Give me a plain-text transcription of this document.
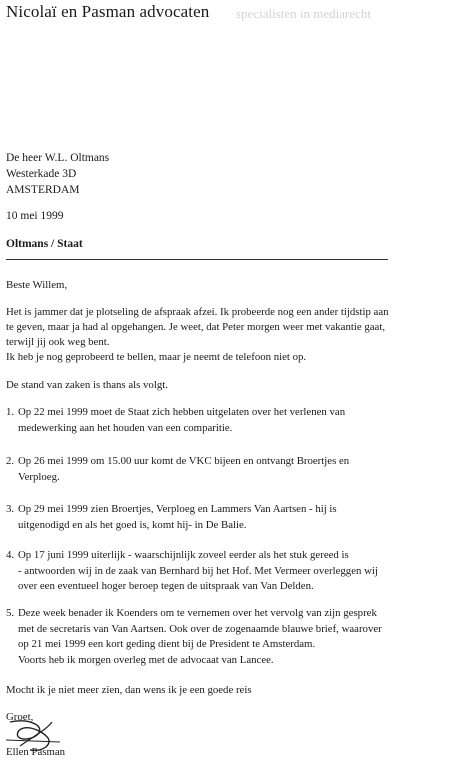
Nicolaï en Pasman advocaten specialisten in mediarecht
De heer W.L. Oltmans
Westerkade 3D
AMSTERDAM
10 mei 1999
Oltmans / Staat
Beste Willem,
Het is jammer dat je plotseling de afspraak afzei. Ik probeerde nog een ander tijdstip aan
te geven, maar ja had al opgehangen. Je weet, dat Peter morgen weer met vakantie gaat,
terwijl jij ook weg bent.
Ik heb je nog geprobeerd te bellen, maar je neemt de telefoon niet op.
De stand van zaken is thans als volgt.
1. Op 22 mei 1999 moet de Staat zich hebben uitgelaten over het verlenen van
medewerking aan het houden van een comparitie.
2. Op 26 mei 1999 om 15.00 uur komt de VKC bijeen en ontvangt Broertjes en
Verploeg.
3. Op 29 mei 1999 zien Broertjes, Verploeg en Lammers Van Aartsen - hij is
uitgenodigd en als het goed is, komt hij- in De Balie.
4. Op 17 juni 1999 uiterlijk - waarschijnlijk zoveel eerder als het stuk gereed is
- antwoorden wij in de zaak van Bernhard bij het Hof. Met Vermeer overleggen wij
over een eventueel hoger beroep tegen de uitspraak van Van Delden.
5. Deze week benader ik Koenders om te vernemen over het vervolg van zijn gesprek
met de secretaris van Van Aartsen. Ook over de zogenaamde blauwe brief, waarover
op 21 mei 1999 een kort geding dient bij de President te Amsterdam.
Voorts heb ik morgen overleg met de advocaat van Lancee.
Mocht ik je niet meer zien, dan wens ik je een goede reis
Groet,
Ellen Pasman
